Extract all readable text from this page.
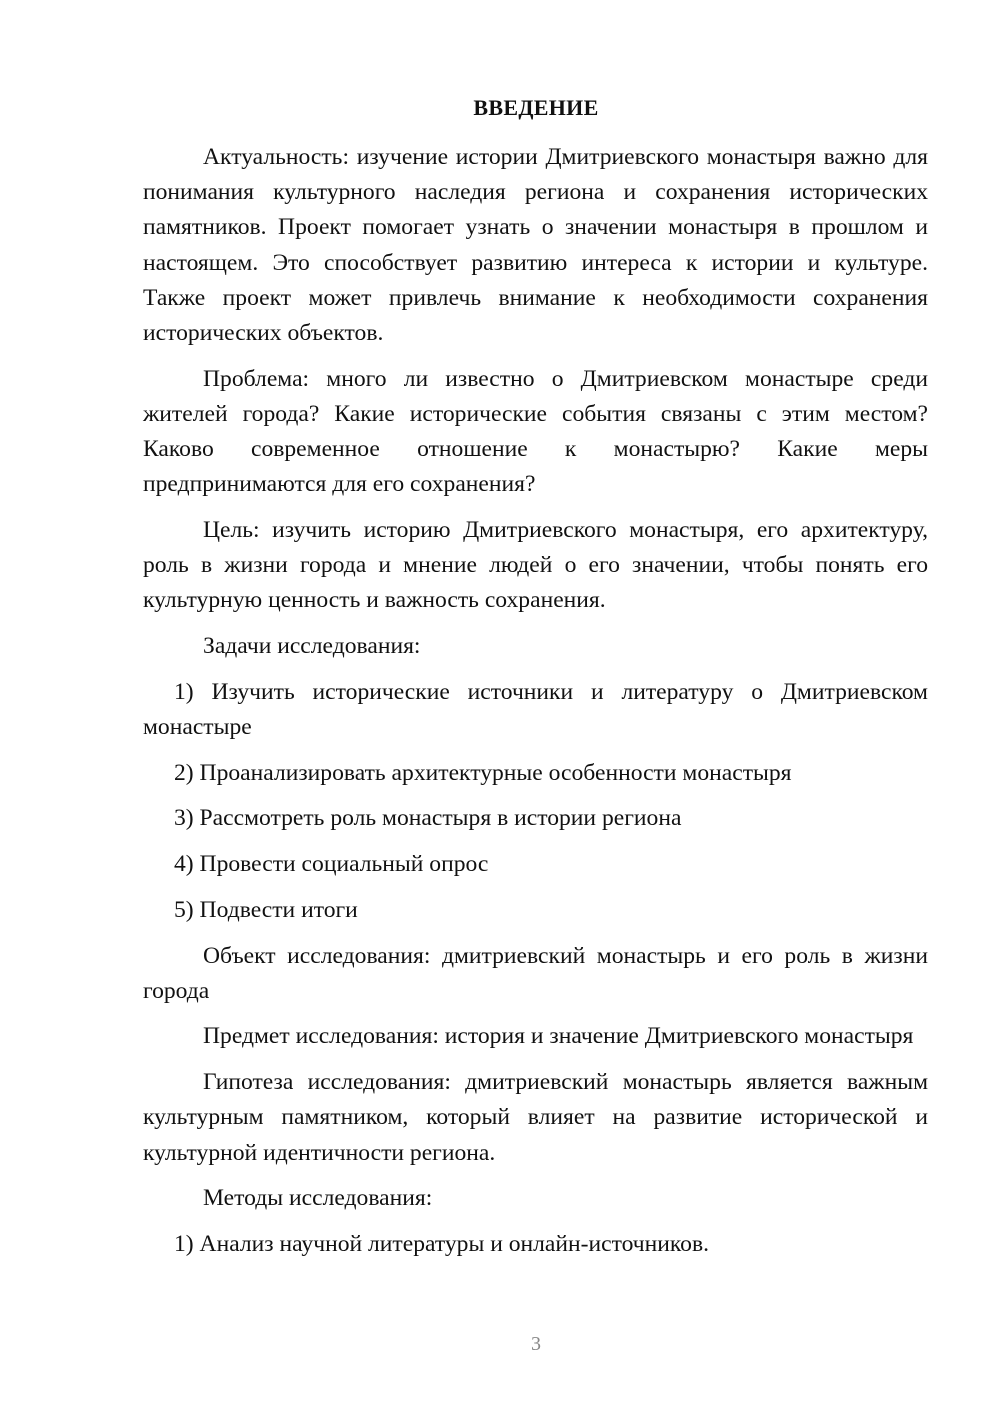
ВВЕДЕНИЕ

Актуальность: изучение истории Дмитриевского монастыря важно для понимания культурного наследия региона и сохранения исторических памятников. Проект помогает узнать о значении монастыря в прошлом и настоящем. Это способствует развитию интереса к истории и культуре. Также проект может привлечь внимание к необходимости сохранения исторических объектов.

Проблема: много ли известно о Дмитриевском монастыре среди жителей города? Какие исторические события связаны с этим местом? Каково современное отношение к монастырю? Какие меры предпринимаются для его сохранения?

Цель: изучить историю Дмитриевского монастыря, его архитектуру, роль в жизни города и мнение людей о его значении, чтобы понять его культурную ценность и важность сохранения.

Задачи исследования:

1) Изучить исторические источники и литературу о Дмитриевском монастыре

2) Проанализировать архитектурные особенности монастыря

3) Рассмотреть роль монастыря в истории региона

4) Провести социальный опрос

5) Подвести итоги

Объект исследования: дмитриевский монастырь и его роль в жизни города

Предмет исследования: история и значение Дмитриевского монастыря

Гипотеза исследования: дмитриевский монастырь является важным культурным памятником, который влияет на развитие исторической и культурной идентичности региона.

Методы исследования:

1) Анализ научной литературы и онлайн-источников.

3
